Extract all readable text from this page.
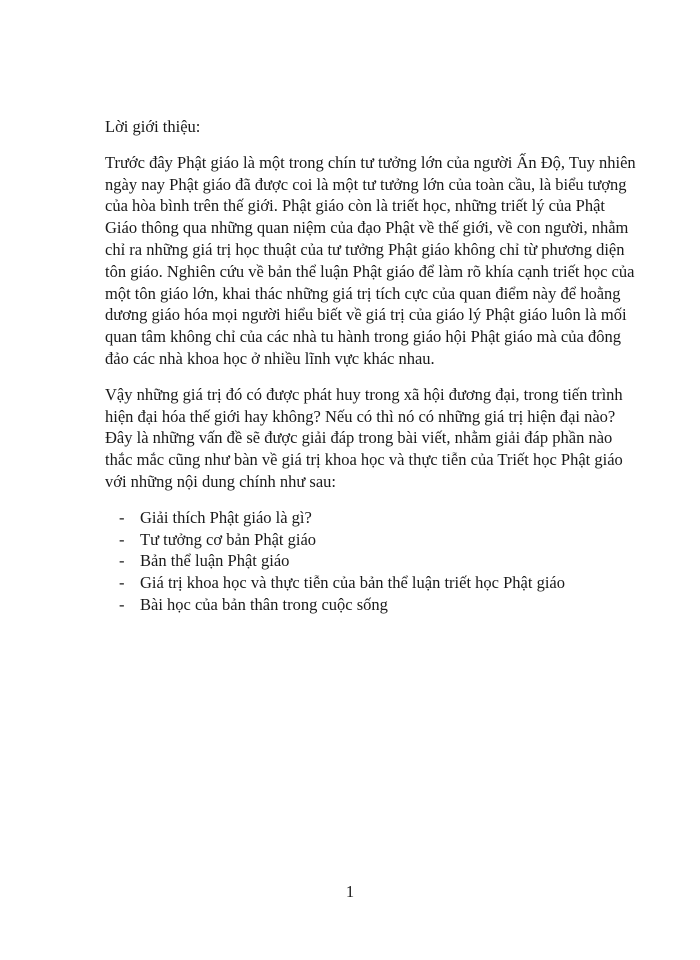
Lời giới thiệu:

Trước đây Phật giáo là một trong chín tư tưởng lớn của người Ấn Độ, Tuy nhiên
ngày nay Phật giáo đã được coi là một tư tưởng lớn của toàn cầu, là biểu tượng
của hòa bình trên thế giới. Phật giáo còn là triết học, những triết lý của Phật
Giáo thông qua những quan niệm của đạo Phật về thế giới, về con người, nhằm
chỉ ra những giá trị học thuật của tư tưởng Phật giáo không chỉ từ phương diện
tôn giáo. Nghiên cứu về bản thể luận Phật giáo để làm rõ khía cạnh triết học của
một tôn giáo lớn, khai thác những giá trị tích cực của quan điểm này để hoằng
dương giáo hóa mọi người hiểu biết về giá trị của giáo lý Phật giáo luôn là mối
quan tâm không chỉ của các nhà tu hành trong giáo hội Phật giáo mà của đông
đảo các nhà khoa học ở nhiều lĩnh vực khác nhau.

Vậy những giá trị đó có được phát huy trong xã hội đương đại, trong tiến trình
hiện đại hóa thế giới hay không? Nếu có thì nó có những giá trị hiện đại nào?
Đây là những vấn đề sẽ được giải đáp trong bài viết, nhằm giải đáp phần nào
thắc mắc cũng như bàn về giá trị khoa học và thực tiễn của Triết học Phật giáo
với những nội dung chính như sau:

- Giải thích Phật giáo là gì?
- Tư tưởng cơ bản Phật giáo
- Bản thể luận Phật giáo
- Giá trị khoa học và thực tiễn của bản thể luận triết học Phật giáo
- Bài học của bản thân trong cuộc sống
1
